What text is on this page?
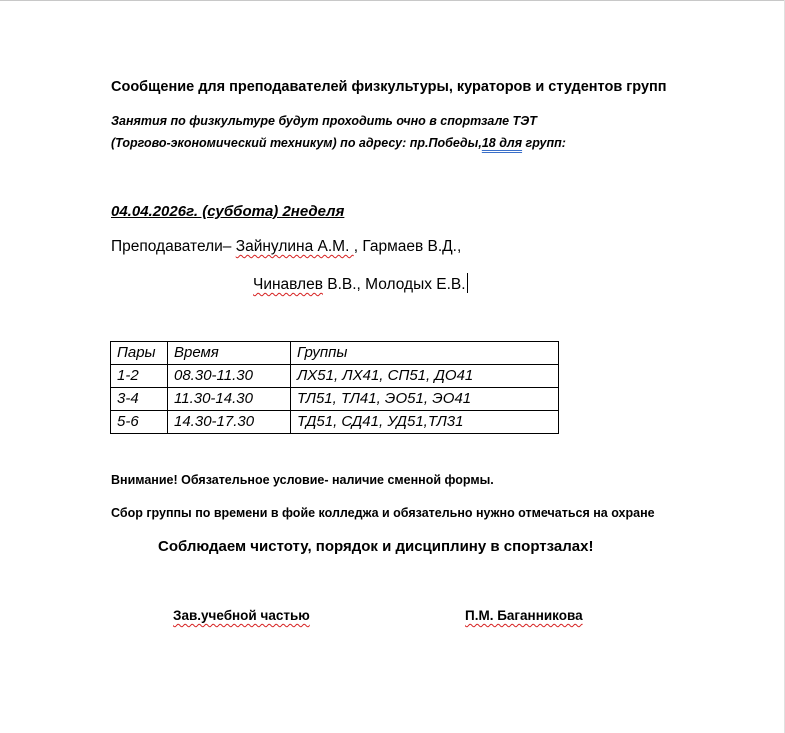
Сообщение для преподавателей физкультуры, кураторов и студентов групп
Занятия по физкультуре будут проходить очно в спортзале ТЭТ
(Торгово-экономический техникум) по адресу: пр.Победы,18 для групп:
04.04.2026г. (суббота) 2неделя
Преподаватели– Зайнулина А.М. , Гармаев В.Д.,
Чинавлев В.В., Молодых Е.В.
Пары	Время	Группы
1-2	08.30-11.30	ЛХ51, ЛХ41, СП51, ДО41
3-4	11.30-14.30	ТЛ51, ТЛ41, ЭО51, ЭО41
5-6	14.30-17.30	ТД51, СД41, УД51,ТЛ31
Внимание! Обязательное условие- наличие сменной формы.
Сбор группы по времени в фойе колледжа и обязательно нужно отмечаться на охране
Соблюдаем чистоту, порядок и дисциплину в спортзалах!
Зав.учебной частью	П.М. Баганникова
